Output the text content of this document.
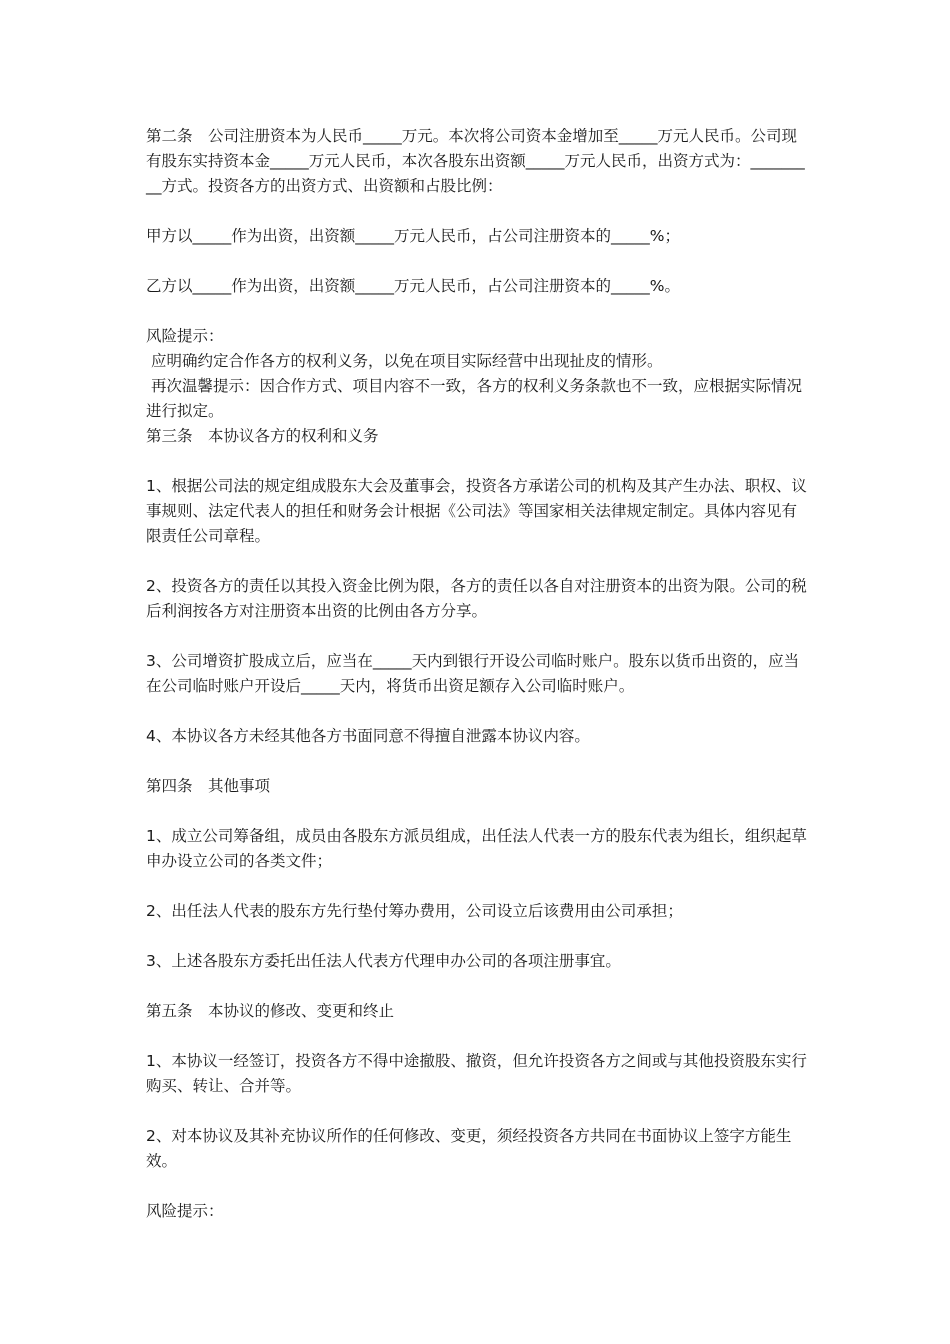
第二条　公司注册资本为人民币_____万元。本次将公司资本金增加至_____万元人民币。公司现有股东实持资本金_____万元人民币，本次各股东出资额_____万元人民币，出资方式为：_________方式。投资各方的出资方式、出资额和占股比例：

甲方以_____作为出资，出资额_____万元人民币，占公司注册资本的_____%；

乙方以_____作为出资，出资额_____万元人民币，占公司注册资本的_____%。

风险提示：

应明确约定合作各方的权利义务，以免在项目实际经营中出现扯皮的情形。

再次温馨提示：因合作方式、项目内容不一致，各方的权利义务条款也不一致，应根据实际情况进行拟定。

第三条　本协议各方的权利和义务

1、根据公司法的规定组成股东大会及董事会，投资各方承诺公司的机构及其产生办法、职权、议事规则、法定代表人的担任和财务会计根据《公司法》等国家相关法律规定制定。具体内容见有限责任公司章程。

2、投资各方的责任以其投入资金比例为限，各方的责任以各自对注册资本的出资为限。公司的税后利润按各方对注册资本出资的比例由各方分享。

3、公司增资扩股成立后，应当在_____天内到银行开设公司临时账户。股东以货币出资的，应当在公司临时账户开设后_____天内，将货币出资足额存入公司临时账户。

4、本协议各方未经其他各方书面同意不得擅自泄露本协议内容。

第四条　其他事项

1、成立公司筹备组，成员由各股东方派员组成，出任法人代表一方的股东代表为组长，组织起草申办设立公司的各类文件；

2、出任法人代表的股东方先行垫付筹办费用，公司设立后该费用由公司承担；

3、上述各股东方委托出任法人代表方代理申办公司的各项注册事宜。

第五条　本协议的修改、变更和终止

1、本协议一经签订，投资各方不得中途撤股、撤资，但允许投资各方之间或与其他投资股东实行购买、转让、合并等。

2、对本协议及其补充协议所作的任何修改、变更，须经投资各方共同在书面协议上签字方能生效。

风险提示：
